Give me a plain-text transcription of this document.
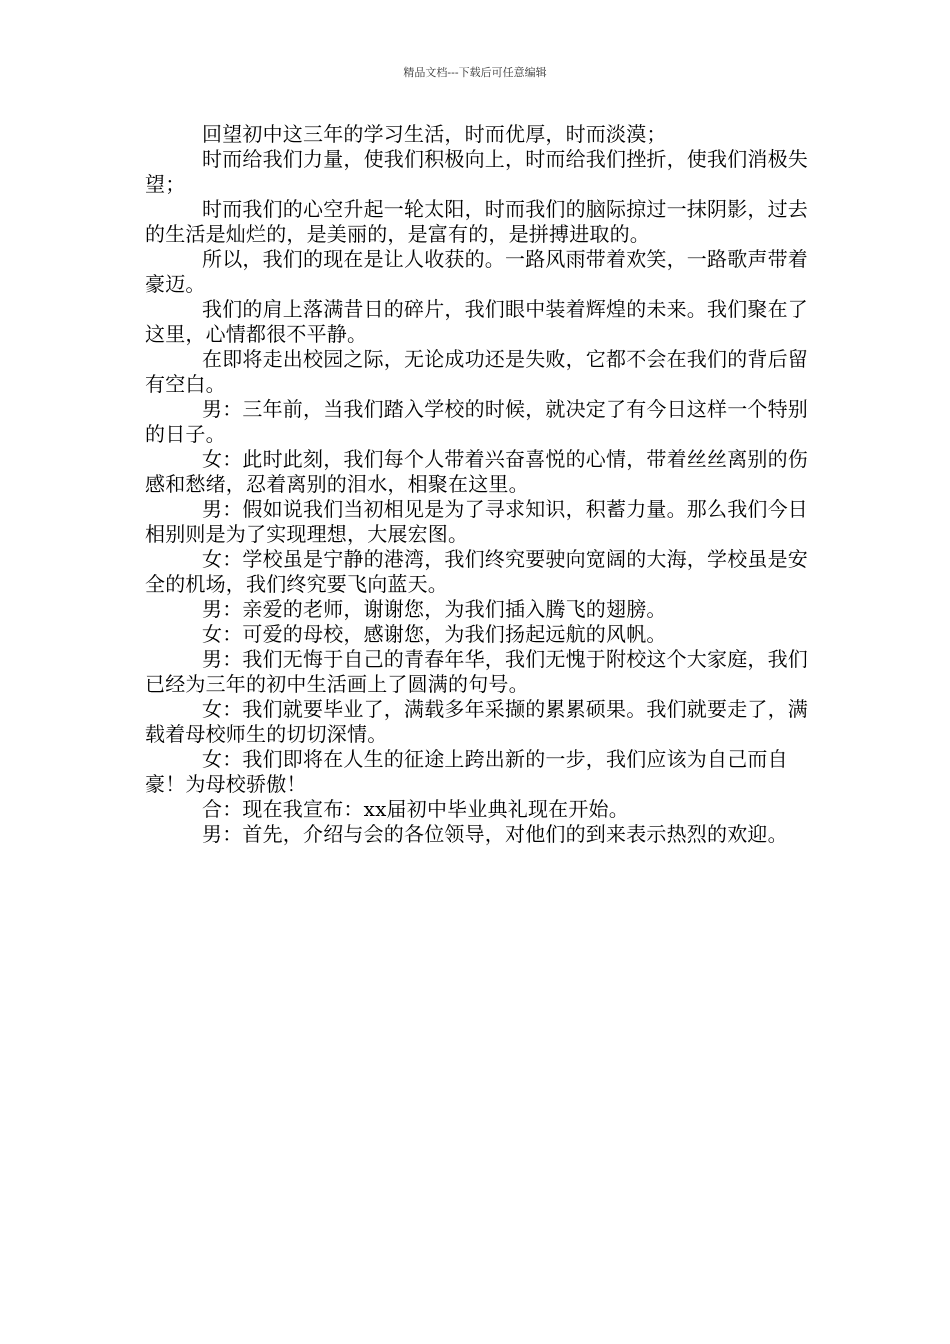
精品文档---下载后可任意编辑

回望初中这三年的学习生活，时而优厚，时而淡漠；

时而给我们力量，使我们积极向上，时而给我们挫折，使我们消极失望；

时而我们的心空升起一轮太阳，时而我们的脑际掠过一抹阴影，过去的生活是灿烂的，是美丽的，是富有的，是拼搏进取的。

所以，我们的现在是让人收获的。一路风雨带着欢笑，一路歌声带着豪迈。

我们的肩上落满昔日的碎片，我们眼中装着辉煌的未来。我们聚在了这里，心情都很不平静。

在即将走出校园之际，无论成功还是失败，它都不会在我们的背后留有空白。

男：三年前，当我们踏入学校的时候，就决定了有今日这样一个特别的日子。

女：此时此刻，我们每个人带着兴奋喜悦的心情，带着丝丝离别的伤感和愁绪，忍着离别的泪水，相聚在这里。

男：假如说我们当初相见是为了寻求知识，积蓄力量。那么我们今日相别则是为了实现理想，大展宏图。

女：学校虽是宁静的港湾，我们终究要驶向宽阔的大海，学校虽是安全的机场，我们终究要飞向蓝天。

男：亲爱的老师，谢谢您，为我们插入腾飞的翅膀。

女：可爱的母校，感谢您，为我们扬起远航的风帆。

男：我们无悔于自己的青春年华，我们无愧于附校这个大家庭，我们已经为三年的初中生活画上了圆满的句号。

女：我们就要毕业了，满载多年采撷的累累硕果。我们就要走了，满载着母校师生的切切深情。

女：我们即将在人生的征途上跨出新的一步，我们应该为自己而自豪！为母校骄傲！

合：现在我宣布：xx届初中毕业典礼现在开始。

男：首先，介绍与会的各位领导，对他们的到来表示热烈的欢迎。
